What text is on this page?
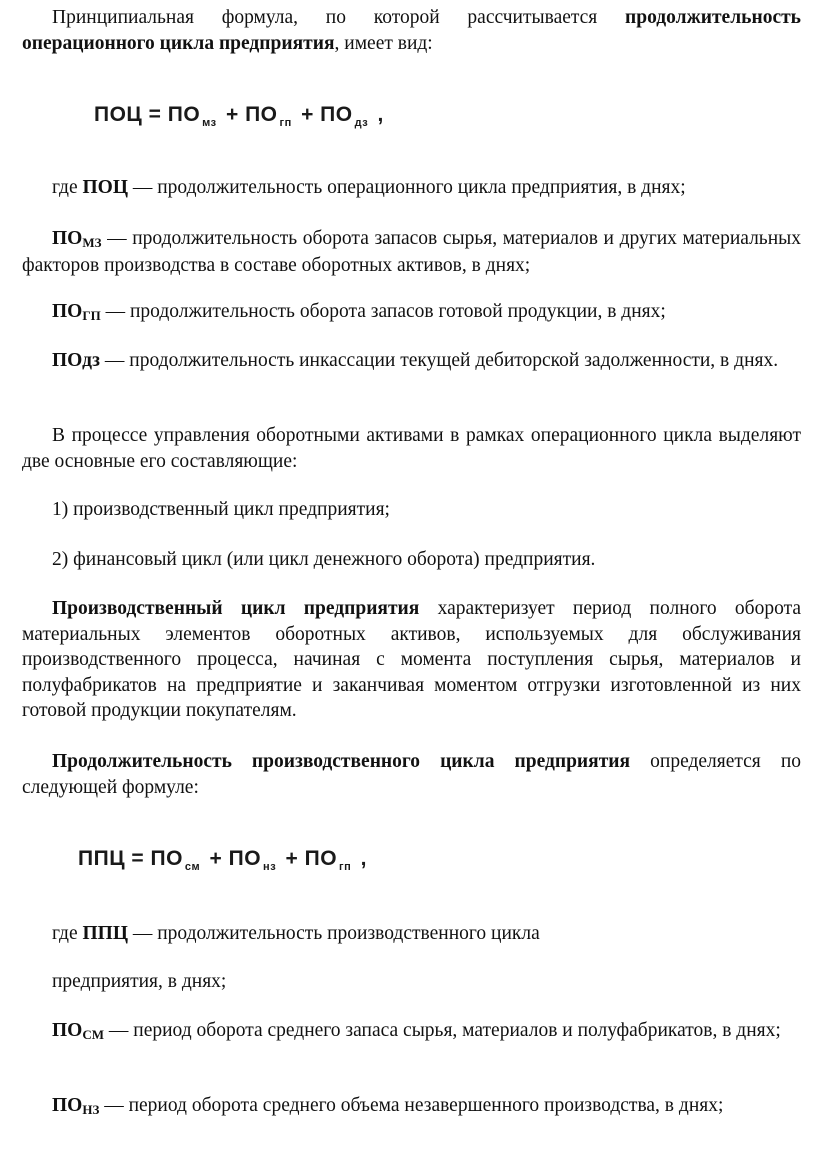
Принципиальная формула, по которой рассчитывается продолжительность операционного цикла предприятия, имеет вид:

ПОЦ = ПО $_{мз}$ + ПО $_{гп}$ + ПО $_{дз}$ ,

где ПОЦ — продолжительность операционного цикла предприятия, в днях;

$ПО_{МЗ}$ — продолжительность оборота запасов сырья, материалов и других материальных факторов производства в составе оборотных активов, в днях;

$ПО_{ГП}$ — продолжительность оборота запасов готовой продукции, в днях;

ПОдз — продолжительность инкассации текущей дебиторской задолженности, в днях.

В процессе управления оборотными активами в рамках операционного цикла выделяют две основные его составляющие:

1) производственный цикл предприятия;

2) финансовый цикл (или цикл денежного оборота) предприятия.

Производственный цикл предприятия характеризует период полного оборота материальных элементов оборотных активов, используемых для обслуживания производственного процесса, начиная с момента поступления сырья, материалов и полуфабрикатов на предприятие и заканчивая моментом отгрузки изготовленной из них готовой продукции покупателям.

Продолжительность производственного цикла предприятия определяется по следующей формуле:

ППЦ = ПО $_{см}$ + ПО $_{нз}$ + ПО $_{гп}$ ,

где ППЦ — продолжительность производственного цикла

предприятия, в днях;

$ПО_{СМ}$ — период оборота среднего запаса сырья, материалов и полуфабрикатов, в днях;

$ПО_{НЗ}$ — период оборота среднего объема незавершенного производства, в днях;
